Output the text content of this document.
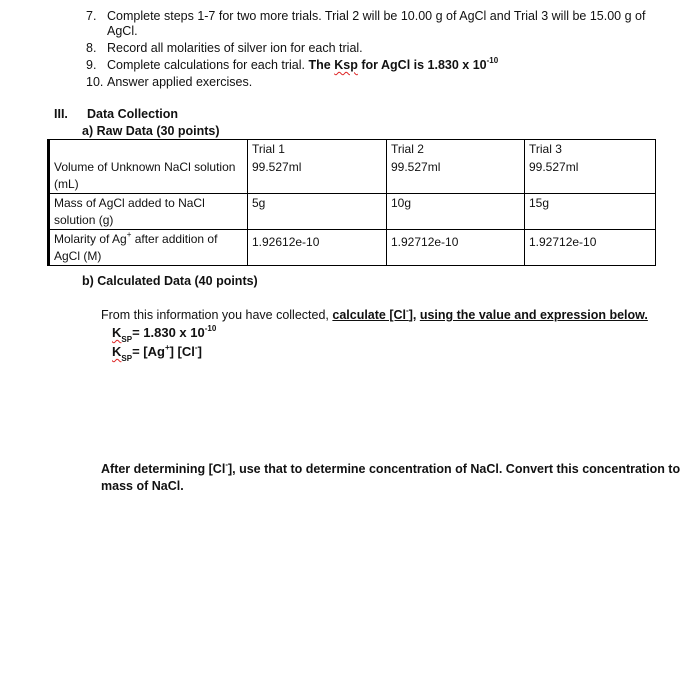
7. Complete steps 1-7 for two more trials. Trial 2 will be 10.00 g of AgCl and Trial 3 will be 15.00 g of
AgCl.
8. Record all molarities of silver ion for each trial.
9. Complete calculations for each trial. The Ksp for AgCl is 1.830 x $10^{-10}$
10. Answer applied exercises.
III. Data Collection
a) Raw Data (30 points)
	Trial 1	Trial 2	Trial 3
Volume of Unknown NaCl solution (mL)	99.527ml	99.527ml	99.527ml
Mass of AgCl added to NaCl solution (g)	5g	10g	15g
Molarity of Ag+ after addition of AgCl (M)	1.92612e-10	1.92712e-10	1.92712e-10
b) Calculated Data (40 points)
From this information you have collected, calculate [Cl-], using the value and expression below.
$K_{SP}= 1.830$ x $10^{-10}$
$K_{SP}= [Ag^+]$ [Cl-]
After determining [Cl-], use that to determine concentration of NaCl. Convert this concentration to
mass of NaCl.
